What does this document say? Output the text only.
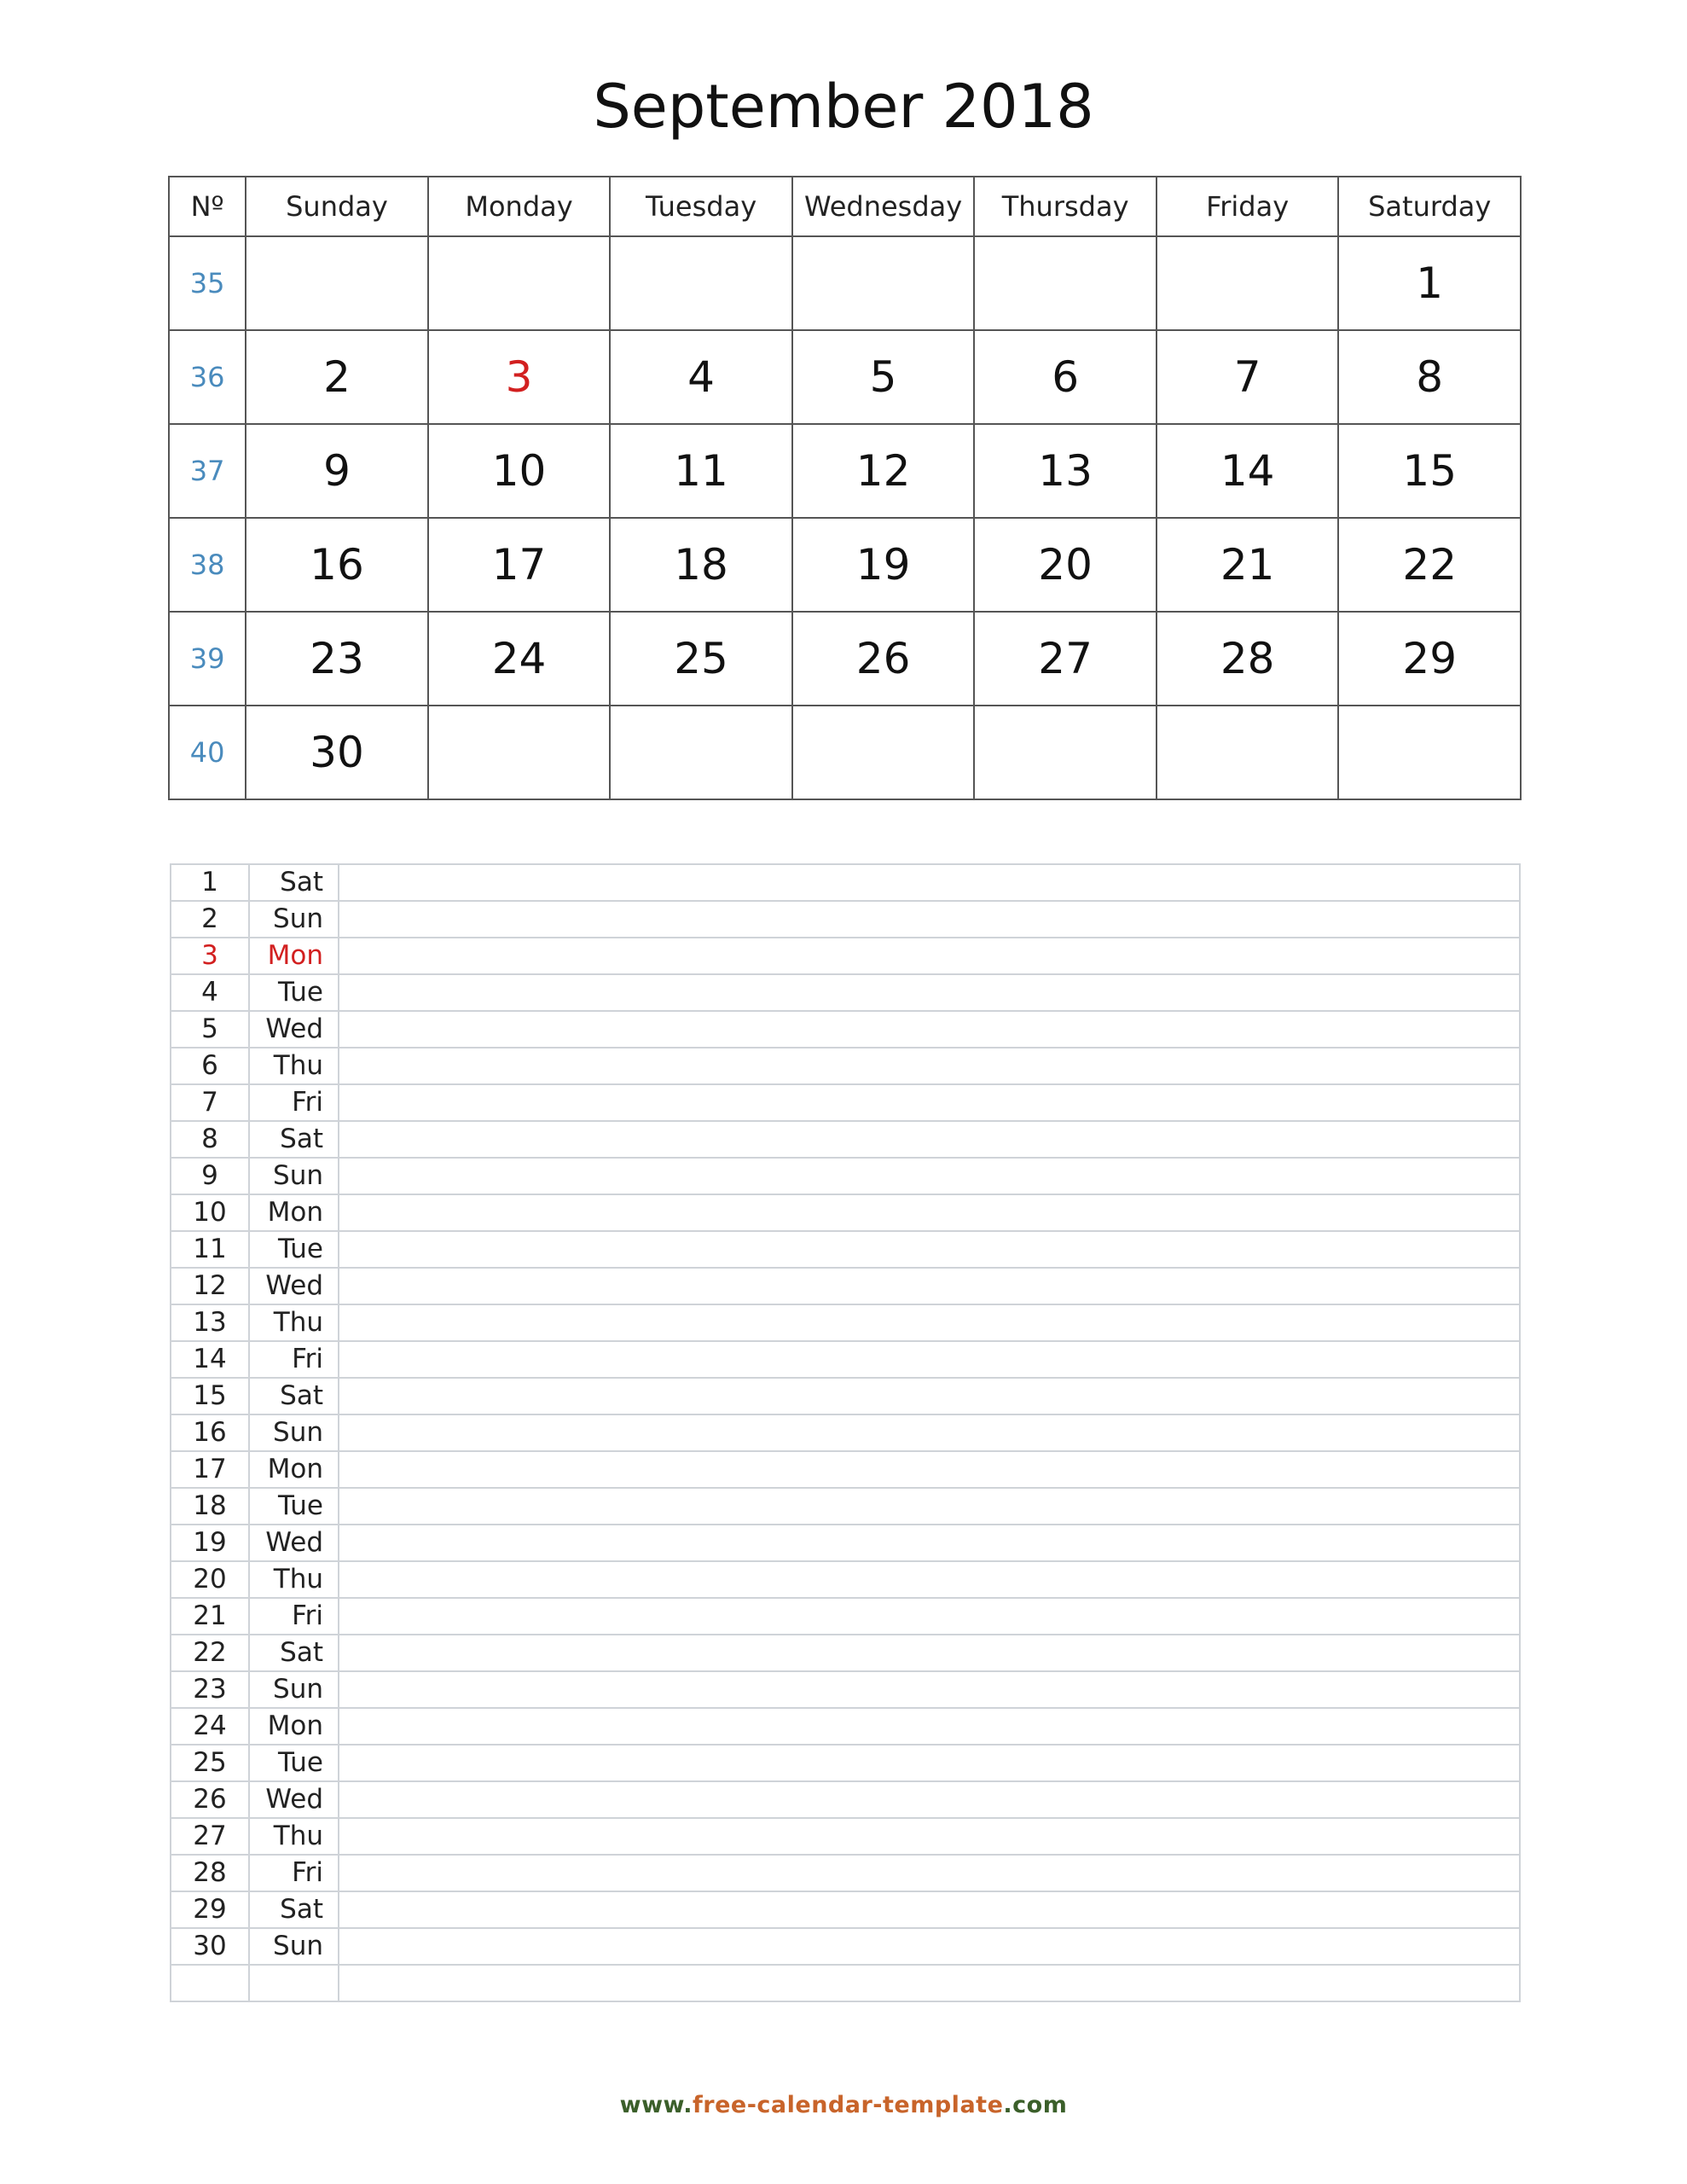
September 2018
Nº	Sunday	Monday	Tuesday	Wednesday	Thursday	Friday	Saturday
35							1
36	2	3	4	5	6	7	8
37	9	10	11	12	13	14	15
38	16	17	18	19	20	21	22
39	23	24	25	26	27	28	29
40	30						
1	Sat	
2	Sun	
3	Mon	
4	Tue	
5	Wed	
6	Thu	
7	Fri	
8	Sat	
9	Sun	
10	Mon	
11	Tue	
12	Wed	
13	Thu	
14	Fri	
15	Sat	
16	Sun	
17	Mon	
18	Tue	
19	Wed	
20	Thu	
21	Fri	
22	Sat	
23	Sun	
24	Mon	
25	Tue	
26	Wed	
27	Thu	
28	Fri	
29	Sat	
30	Sun	

www.free-calendar-template.com
